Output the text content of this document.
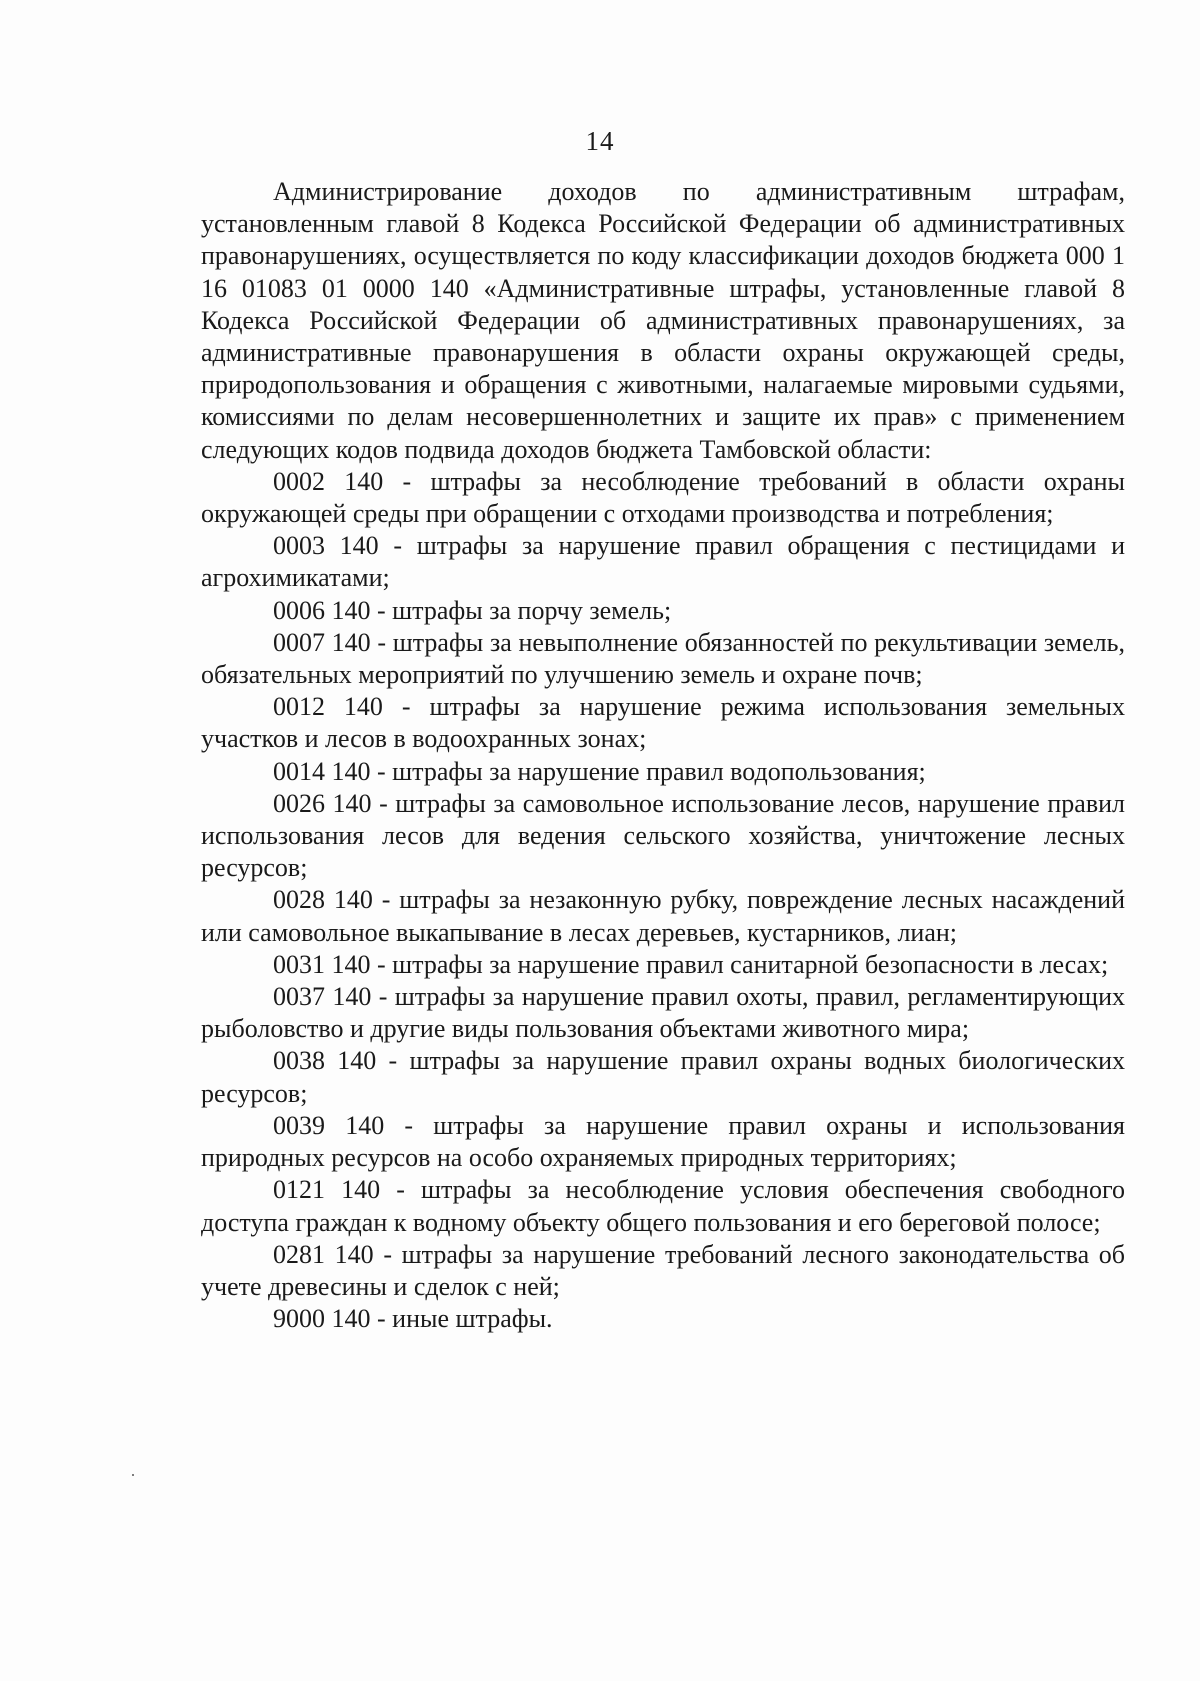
14

Администрирование доходов по административным штрафам, установленным главой 8 Кодекса Российской Федерации об административных правонарушениях, осуществляется по коду классификации доходов бюджета 000 1 16 01083 01 0000 140 «Административные штрафы, установленные главой 8 Кодекса Российской Федерации об административных правонарушениях, за административные правонарушения в области охраны окружающей среды, природопользования и обращения с животными, налагаемые мировыми судьями, комиссиями по делам несовершеннолетних и защите их прав» с применением следующих кодов подвида доходов бюджета Тамбовской области:

0002 140 - штрафы за несоблюдение требований в области охраны окружающей среды при обращении с отходами производства и потребления;

0003 140 - штрафы за нарушение правил обращения с пестицидами и агрохимикатами;

0006 140 - штрафы за порчу земель;

0007 140 - штрафы за невыполнение обязанностей по рекультивации земель, обязательных мероприятий по улучшению земель и охране почв;

0012 140 - штрафы за нарушение режима использования земельных участков и лесов в водоохранных зонах;

0014 140 - штрафы за нарушение правил водопользования;

0026 140 - штрафы за самовольное использование лесов, нарушение правил использования лесов для ведения сельского хозяйства, уничтожение лесных ресурсов;

0028 140 - штрафы за незаконную рубку, повреждение лесных насаждений или самовольное выкапывание в лесах деревьев, кустарников, лиан;

0031 140 - штрафы за нарушение правил санитарной безопасности в лесах;

0037 140 - штрафы за нарушение правил охоты, правил, регламентирующих рыболовство и другие виды пользования объектами животного мира;

0038 140 - штрафы за нарушение правил охраны водных биологических ресурсов;

0039 140 - штрафы за нарушение правил охраны и использования природных ресурсов на особо охраняемых природных территориях;

0121 140 - штрафы за несоблюдение условия обеспечения свободного доступа граждан к водному объекту общего пользования и его береговой полосе;

0281 140 - штрафы за нарушение требований лесного законодательства об учете древесины и сделок с ней;

9000 140 - иные штрафы.
